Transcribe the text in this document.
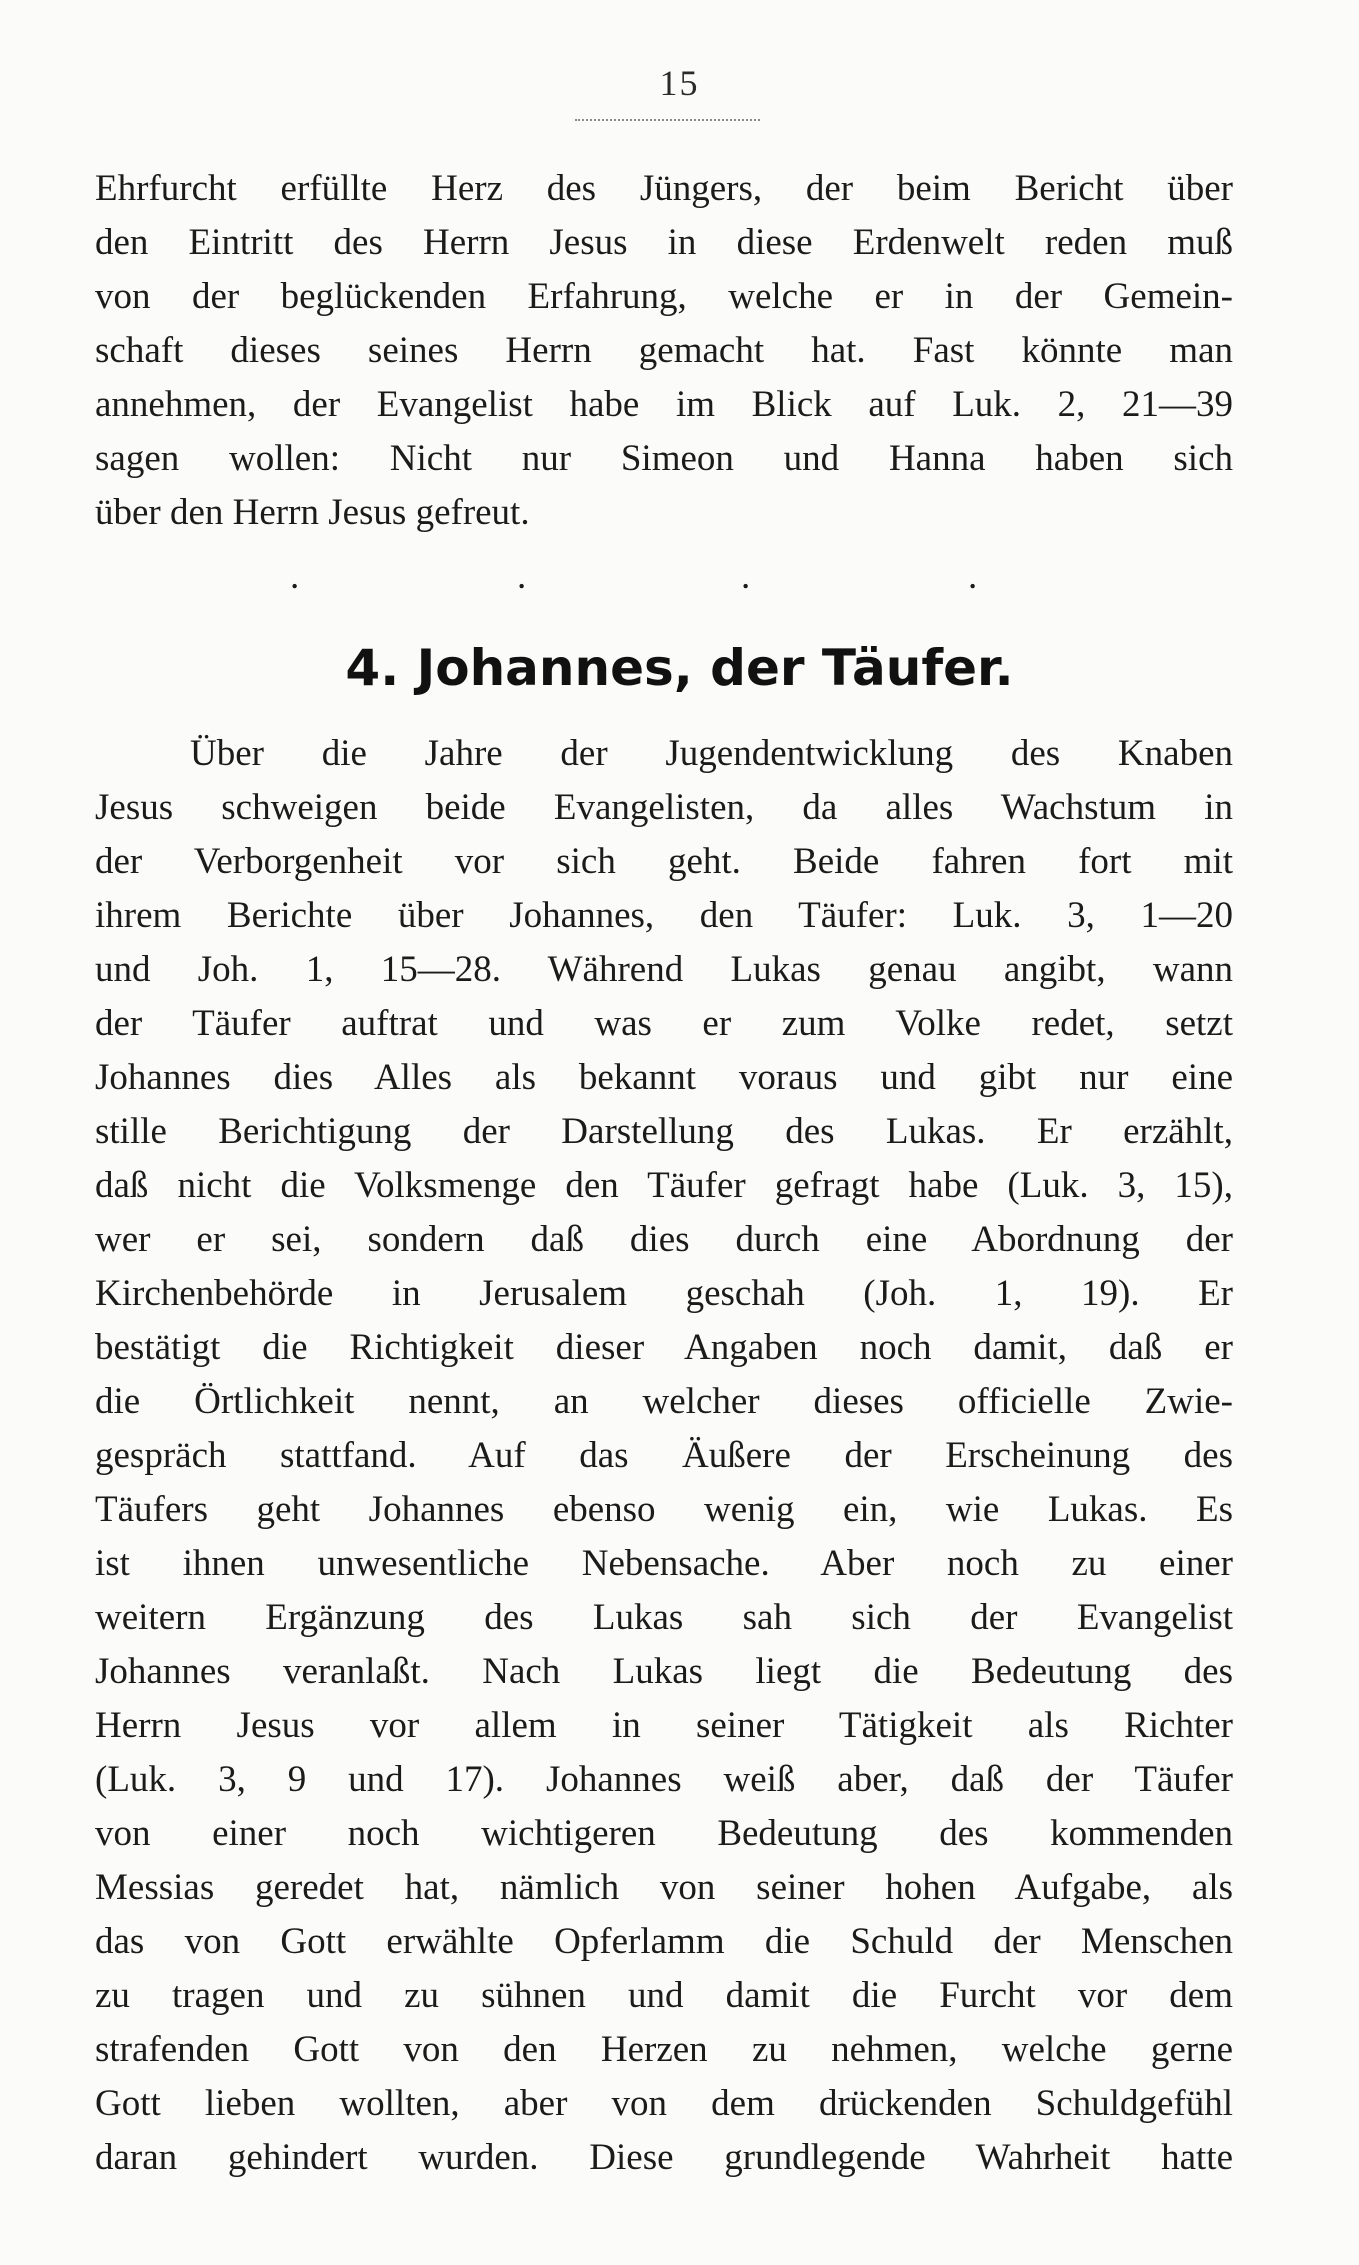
15
Ehrfurcht erfüllte Herz des Jüngers, der beim Bericht über
den Eintritt des Herrn Jesus in diese Erdenwelt reden muß
von der beglückenden Erfahrung, welche er in der Gemein-
schaft dieses seines Herrn gemacht hat. Fast könnte man
annehmen, der Evangelist habe im Blick auf Luk. 2, 21—39
sagen wollen: Nicht nur Simeon und Hanna haben sich
über den Herrn Jesus gefreut.
.	.	.	.
4. Johannes, der Täufer.
Über die Jahre der Jugendentwicklung des Knaben
Jesus schweigen beide Evangelisten, da alles Wachstum in
der Verborgenheit vor sich geht. Beide fahren fort mit
ihrem Berichte über Johannes, den Täufer: Luk. 3, 1—20
und Joh. 1, 15—28. Während Lukas genau angibt, wann
der Täufer auftrat und was er zum Volke redet, setzt
Johannes dies Alles als bekannt voraus und gibt nur eine
stille Berichtigung der Darstellung des Lukas. Er erzählt,
daß nicht die Volksmenge den Täufer gefragt habe (Luk. 3, 15),
wer er sei, sondern daß dies durch eine Abordnung der
Kirchenbehörde in Jerusalem geschah (Joh. 1, 19). Er
bestätigt die Richtigkeit dieser Angaben noch damit, daß er
die Örtlichkeit nennt, an welcher dieses officielle Zwie-
gespräch stattfand. Auf das Äußere der Erscheinung des
Täufers geht Johannes ebenso wenig ein, wie Lukas. Es
ist ihnen unwesentliche Nebensache. Aber noch zu einer
weitern Ergänzung des Lukas sah sich der Evangelist
Johannes veranlaßt. Nach Lukas liegt die Bedeutung des
Herrn Jesus vor allem in seiner Tätigkeit als Richter
(Luk. 3, 9 und 17). Johannes weiß aber, daß der Täufer
von einer noch wichtigeren Bedeutung des kommenden
Messias geredet hat, nämlich von seiner hohen Aufgabe, als
das von Gott erwählte Opferlamm die Schuld der Menschen
zu tragen und zu sühnen und damit die Furcht vor dem
strafenden Gott von den Herzen zu nehmen, welche gerne
Gott lieben wollten, aber von dem drückenden Schuldgefühl
daran gehindert wurden. Diese grundlegende Wahrheit hatte
